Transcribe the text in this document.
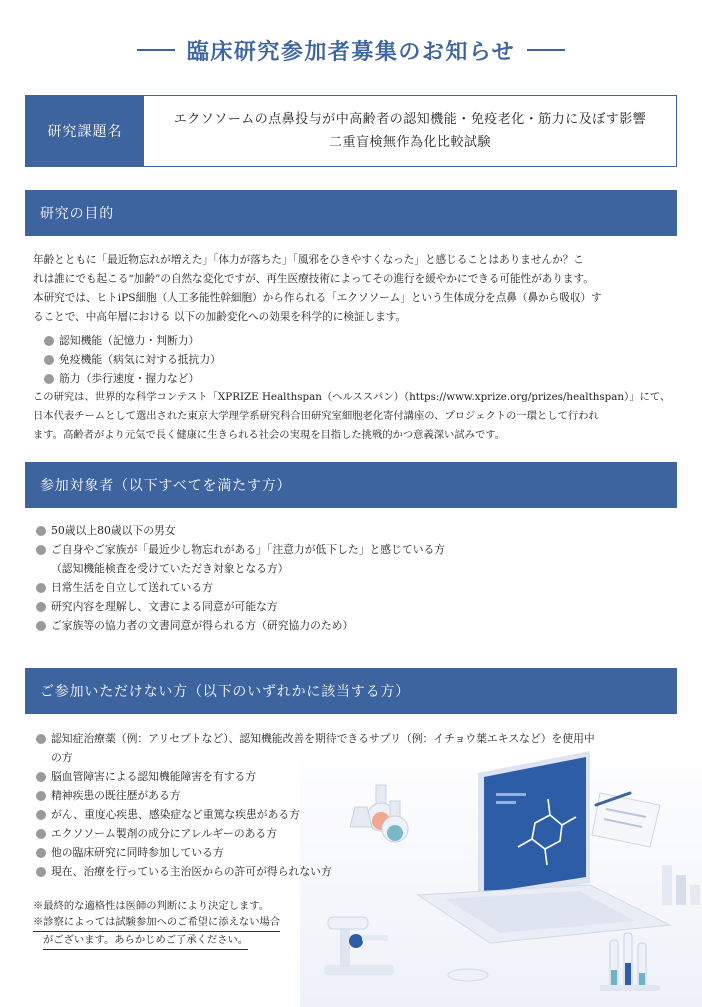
臨床研究参加者募集のお知らせ
研究課題名
エクソソームの点鼻投与が中高齢者の認知機能・免疫老化・筋力に及ぼす影響
二重盲検無作為化比較試験
研究の目的
年齢とともに「最近物忘れが増えた」「体力が落ちた」「風邪をひきやすくなった」と感じることはありませんか？こ
れは誰にでも起こる“加齢”の自然な変化ですが、再生医療技術によってその進行を緩やかにできる可能性があります。
本研究では、ヒトiPS細胞（人工多能性幹細胞）から作られる「エクソソーム」という生体成分を点鼻（鼻から吸収）す
ることで、中高年層における 以下の加齢変化への効果を科学的に検証します。
認知機能（記憶力・判断力）
免疫機能（病気に対する抵抗力）
筋力（歩行速度・握力など）
この研究は、世界的な科学コンテスト「XPRIZE Healthspan（ヘルススパン）（https://www.xprize.org/prizes/healthspan）」にて、
日本代表チームとして選出された東京大学理学系研究科合田研究室細胞老化寄付講座の、プロジェクトの一環として行われ
ます。高齢者がより元気で長く健康に生きられる社会の実現を目指した挑戦的かつ意義深い試みです。
参加対象者（以下すべてを満たす方）
50歳以上80歳以下の男女
ご自身やご家族が「最近少し物忘れがある」「注意力が低下した」と感じている方
（認知機能検査を受けていただき対象となる方）
日常生活を自立して送れている方
研究内容を理解し、文書による同意が可能な方
ご家族等の協力者の文書同意が得られる方（研究協力のため）
ご参加いただけない方（以下のいずれかに該当する方）
認知症治療薬（例：アリセプトなど）、認知機能改善を期待できるサプリ（例：イチョウ葉エキスなど）を使用中
の方
脳血管障害による認知機能障害を有する方
精神疾患の既往歴がある方
がん、重度心疾患、感染症など重篤な疾患がある方
エクソソーム製剤の成分にアレルギーのある方
他の臨床研究に同時参加している方
現在、治療を行っている主治医からの許可が得られない方
※最終的な適格性は医師の判断により決定します。
※診察によっては試験参加へのご希望に添えない場合
がございます。あらかじめご了承ください。
